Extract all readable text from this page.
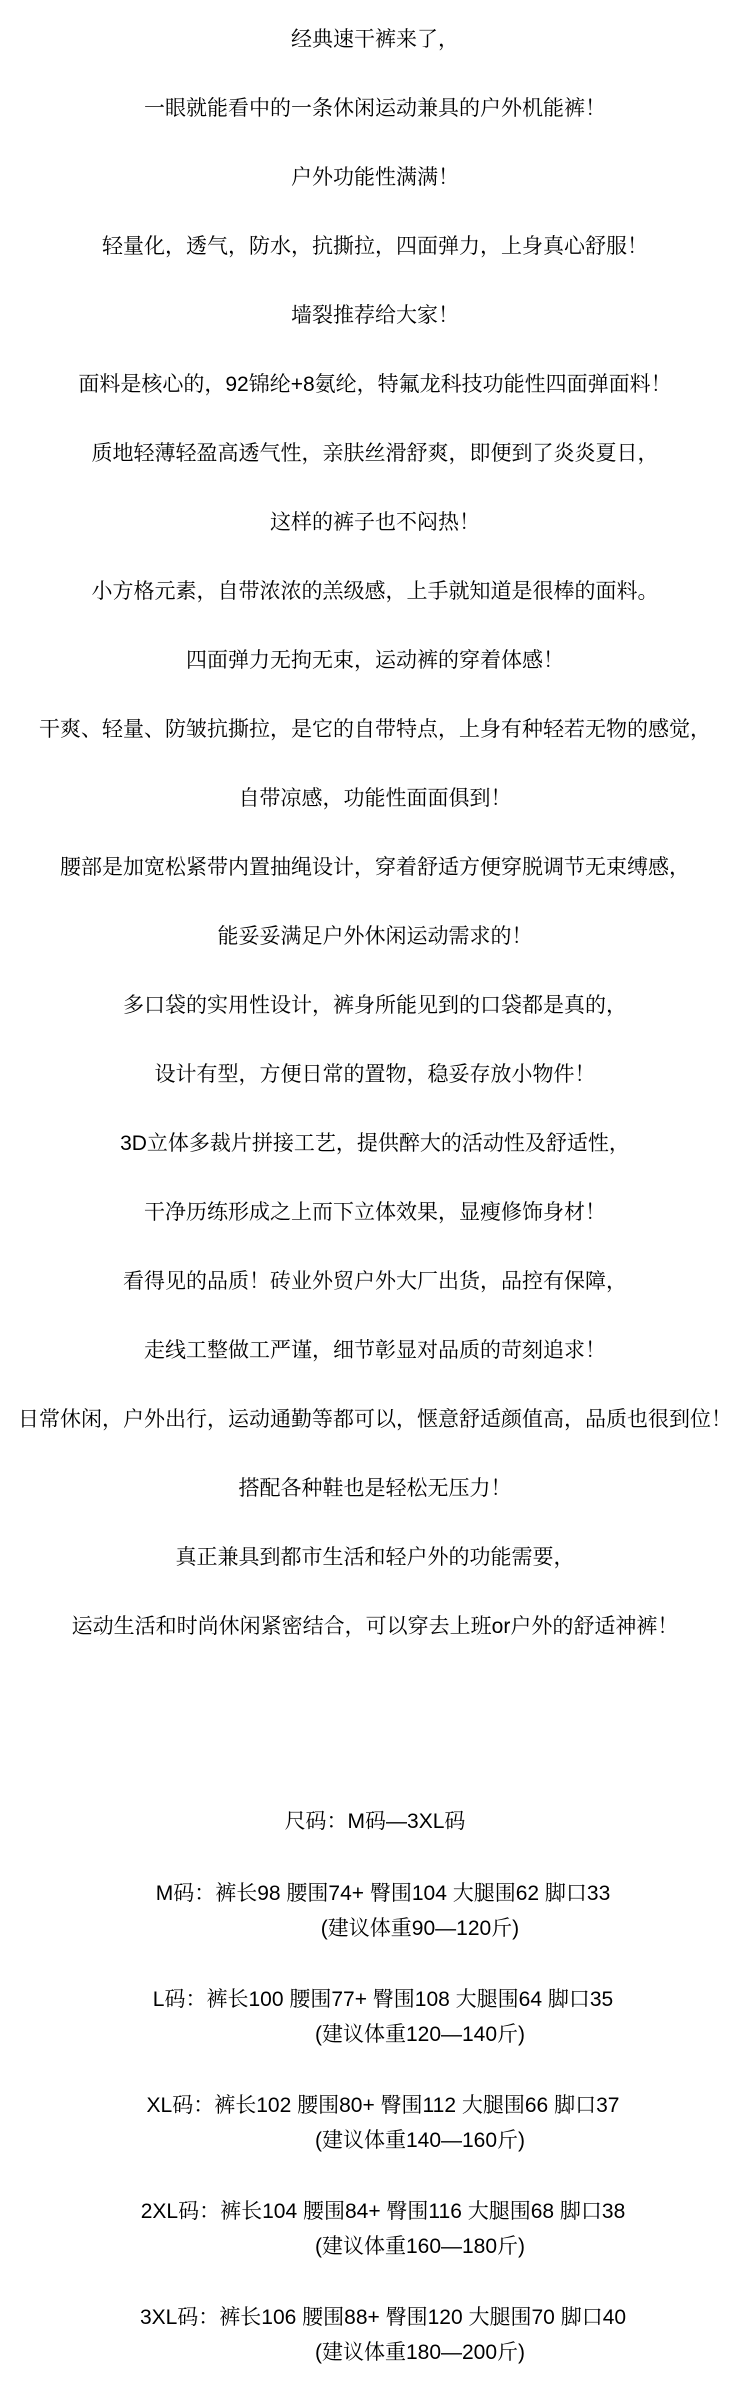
经典速干裤来了，
一眼就能看中的一条休闲运动兼具的户外机能裤！
户外功能性满满！
轻量化，透气，防水，抗撕拉，四面弹力，上身真心舒服！
墙裂推荐给大家！
面料是核心的，92锦纶+8氨纶，特氟龙科技功能性四面弹面料！
质地轻薄轻盈高透气性，亲肤丝滑舒爽，即便到了炎炎夏日，
这样的裤子也不闷热！
小方格元素，自带浓浓的羔级感，上手就知道是很棒的面料。
四面弹力无拘无束，运动裤的穿着体感！
干爽、轻量、防皱抗撕拉，是它的自带特点，上身有种轻若无物的感觉，
自带凉感，功能性面面俱到！
腰部是加宽松紧带内置抽绳设计，穿着舒适方便穿脱调节无束缚感，
能妥妥满足户外休闲运动需求的！
多口袋的实用性设计，裤身所能见到的口袋都是真的，
设计有型，方便日常的置物，稳妥存放小物件！
3D立体多裁片拼接工艺，提供醉大的活动性及舒适性，
干净历练形成之上而下立体效果，显瘦修饰身材！
看得见的品质！砖业外贸户外大厂出货，品控有保障，
走线工整做工严谨，细节彰显对品质的苛刻追求！
日常休闲，户外出行，运动通勤等都可以，惬意舒适颜值高，品质也很到位！
搭配各种鞋也是轻松无压力！
真正兼具到都市生活和轻户外的功能需要，
运动生活和时尚休闲紧密结合，可以穿去上班or户外的舒适神裤！
尺码：M码—3XL码
M码：裤长98 腰围74+ 臀围104 大腿围62 脚口33
(建议体重90—120斤)
L码：裤长100 腰围77+ 臀围108 大腿围64 脚口35
(建议体重120—140斤)
XL码：裤长102 腰围80+ 臀围112 大腿围66 脚口37
(建议体重140—160斤)
2XL码：裤长104 腰围84+ 臀围116 大腿围68 脚口38
(建议体重160—180斤)
3XL码：裤长106 腰围88+ 臀围120 大腿围70 脚口40
(建议体重180—200斤)
